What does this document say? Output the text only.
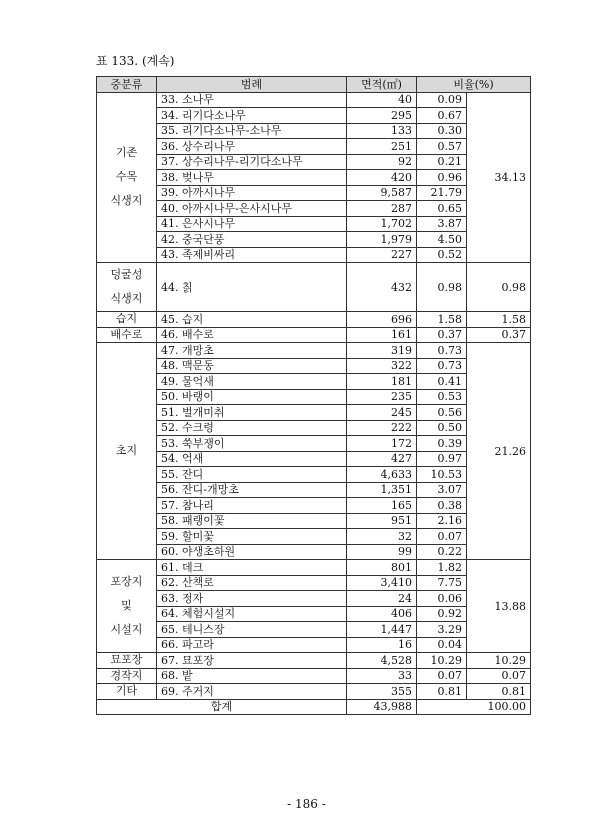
표 133. (계속)
중분류	범례	면적(㎡)	비율(%)	

기존
수목
식생지	33. 소나무	40	0.09	34.13
	34. 리기다소나무	295	0.67	
	35. 리기다소나무-소나무	133	0.30	
	36. 상수리나무	251	0.57	
	37. 상수리나무-리기다소나무	92	0.21	
	38. 벚나무	420	0.96	
	39. 아까시나무	9,587	21.79	
	40. 아까시나무-은사시나무	287	0.65	
	41. 은사시나무	1,702	3.87	
	42. 중국단풍	1,979	4.50	
	43. 족제비싸리	227	0.52	

덩굴성
식생지	44. 칡	432	0.98	0.98

습지	45. 습지	696	1.58	1.58

배수로	46. 배수로	161	0.37	0.37

초지	47. 개망초	319	0.73	21.26
	48. 맥문동	322	0.73	
	49. 물억새	181	0.41	
	50. 바랭이	235	0.53	
	51. 벌개미취	245	0.56	
	52. 수크령	222	0.50	
	53. 쑥부쟁이	172	0.39	
	54. 억새	427	0.97	
	55. 잔디	4,633	10.53	
	56. 잔디-개망초	1,351	3.07	
	57. 참나리	165	0.38	
	58. 패랭이꽃	951	2.16	
	59. 할미꽃	32	0.07	
	60. 야생초하원	99	0.22	

포장지
및
시설지	61. 데크	801	1.82	13.88
	62. 산책로	3,410	7.75	
	63. 정자	24	0.06	
	64. 체험시설지	406	0.92	
	65. 테니스장	1,447	3.29	
	66. 파고라	16	0.04	

묘포장	67. 묘포장	4,528	10.29	10.29

경작지	68. 밭	33	0.07	0.07

기타	69. 주거지	355	0.81	0.81
합계		43,988	100.00	
- 186 -
